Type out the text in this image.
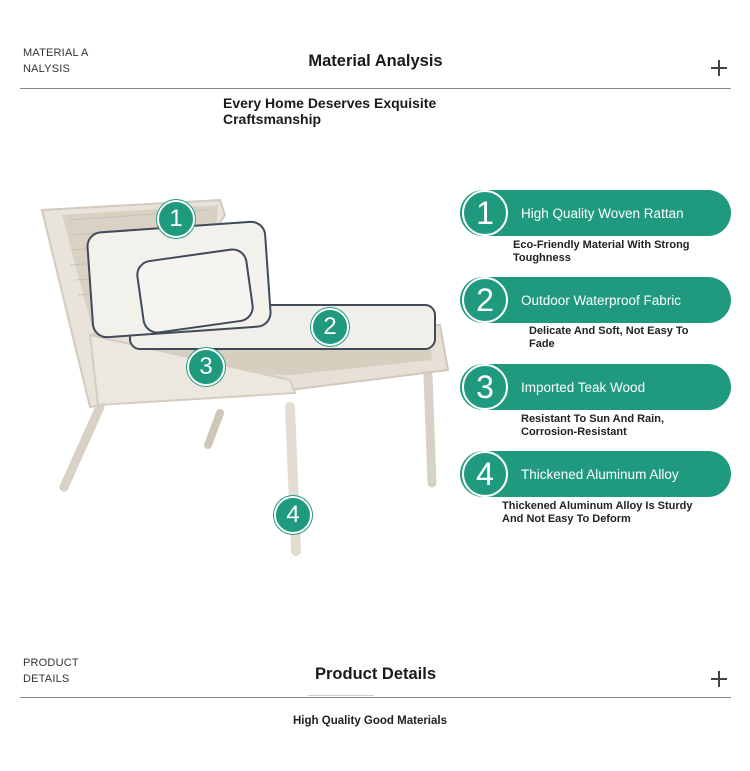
MATERIAL A
NALYSIS	Material Analysis
Every Home Deserves Exquisite Craftsmanship
1
2
3
4
1	High Quality Woven Rattan
Eco-Friendly Material With Strong Toughness
2	Outdoor Waterproof Fabric
Delicate And Soft, Not Easy To Fade
3	Imported Teak Wood
Resistant To Sun And Rain, Corrosion-Resistant
4	Thickened Aluminum Alloy
Thickened Aluminum Alloy Is Sturdy And Not Easy To Deform
PRODUCT
DETAILS	Product Details
High Quality Good Materials
